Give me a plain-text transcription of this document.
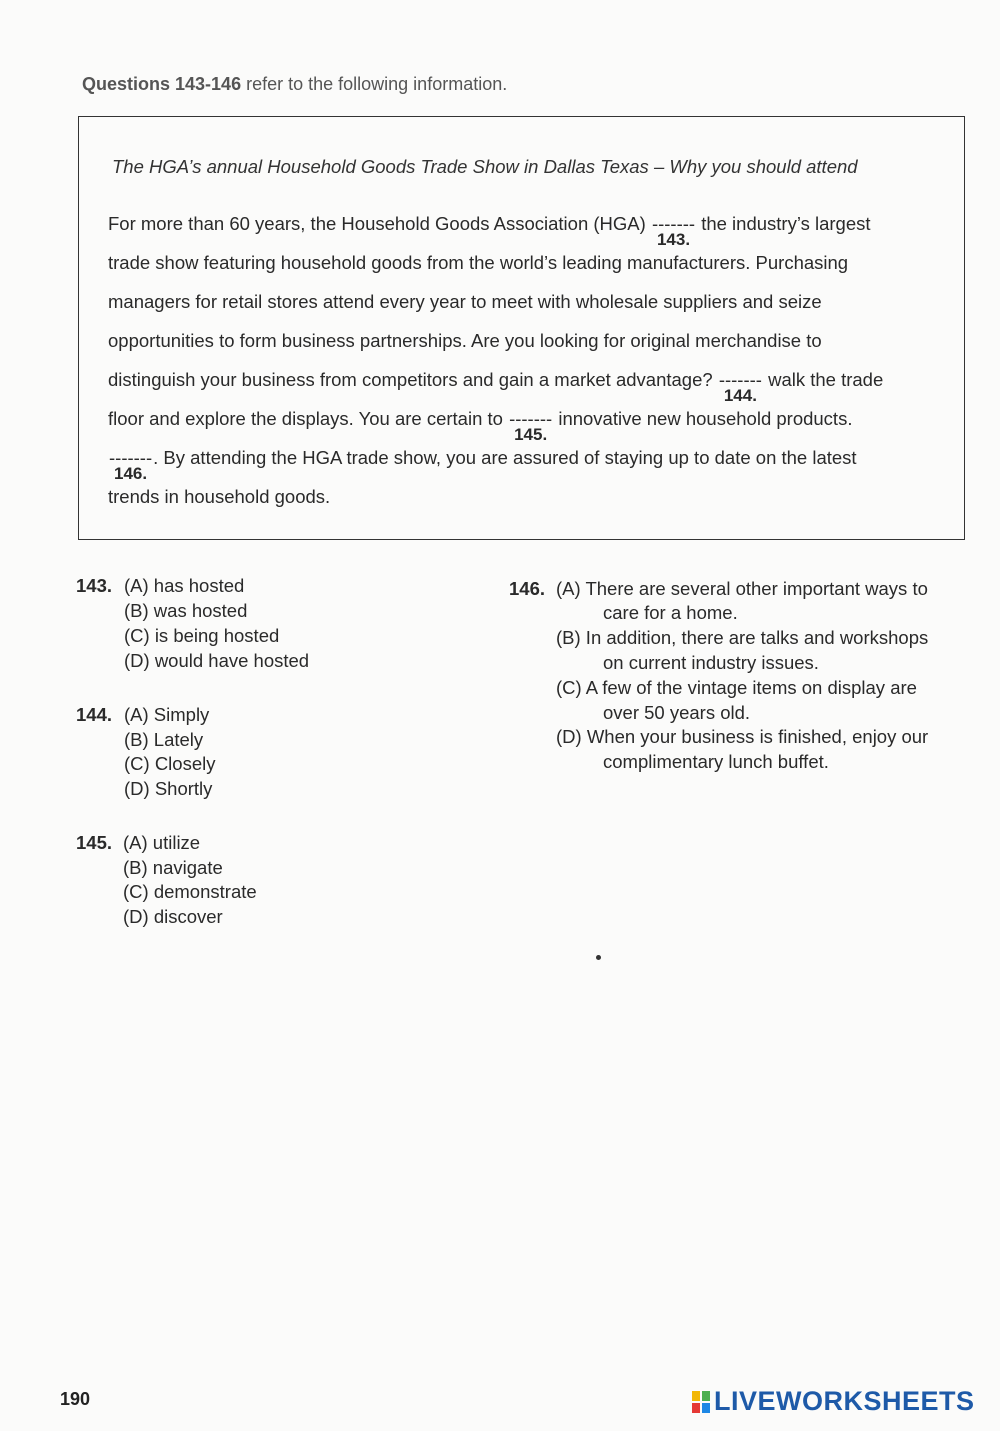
Questions 143-146 refer to the following information.
The HGA’s annual Household Goods Trade Show in Dallas Texas – Why you should attend
For more than 60 years, the Household Goods Association (HGA) -------
143.
the industry’s largest
trade show featuring household goods from the world’s leading manufacturers. Purchasing
managers for retail stores attend every year to meet with wholesale suppliers and seize
opportunities to form business partnerships. Are you looking for original merchandise to
distinguish your business from competitors and gain a market advantage? -------
144.
walk the trade
floor and explore the displays. You are certain to -------
145.
innovative new household products.
-------
146.
. By attending the HGA trade show, you are assured of staying up to date on the latest
trends in household goods.
143. (A) has hosted
(B) was hosted
(C) is being hosted
(D) would have hosted
144. (A) Simply
(B) Lately
(C) Closely
(D) Shortly
145. (A) utilize
(B) navigate
(C) demonstrate
(D) discover
146. (A) There are several other important ways to
care for a home.
(B) In addition, there are talks and workshops
on current industry issues.
(C) A few of the vintage items on display are
over 50 years old.
(D) When your business is finished, enjoy our
complimentary lunch buffet.
190	LIVEWORKSHEETS
